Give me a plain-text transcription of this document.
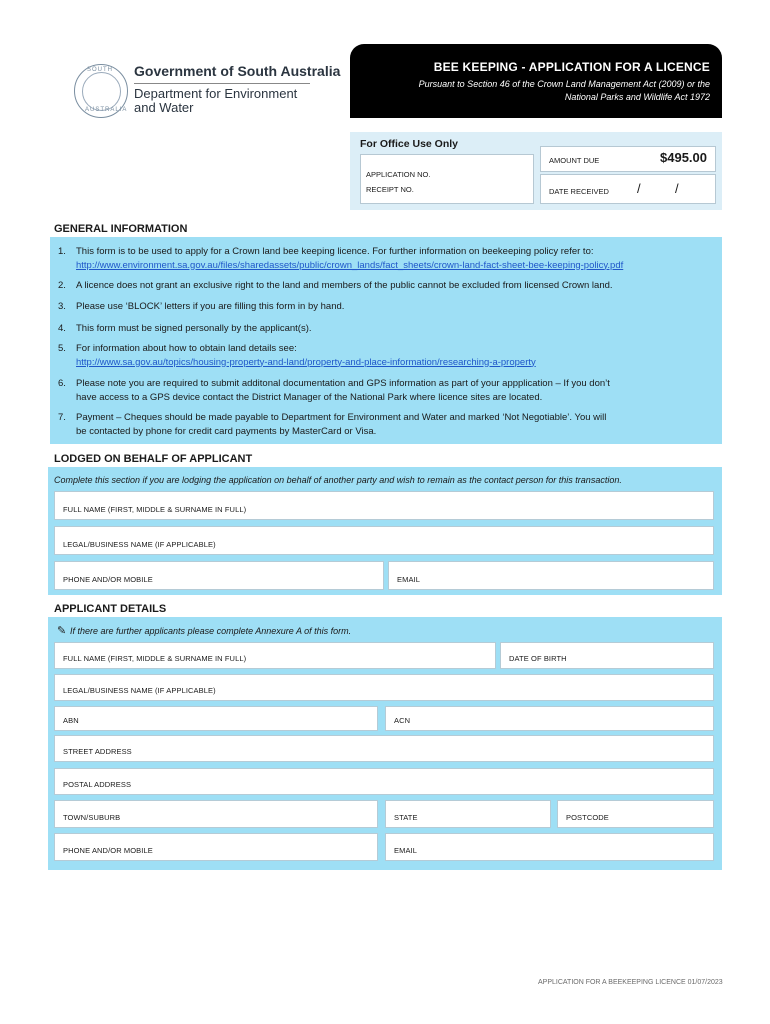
SOUTH
AUSTRALIA
Government of South Australia
Department for Environment
and Water
BEE KEEPING - APPLICATION FOR A LICENCE
Pursuant to Section 46 of the Crown Land Management Act (2009) or the
National Parks and Wildlife Act 1972
For Office Use Only
APPLICATION NO.
RECEIPT NO.
AMOUNT DUE	$495.00
DATE RECEIVED /	/
GENERAL INFORMATION
1. This form is to be used to apply for a Crown land bee keeping licence. For further information on beekeeping policy refer to:
http://www.environment.sa.gov.au/files/sharedassets/public/crown_lands/fact_sheets/crown-land-fact-sheet-bee-keeping-policy.pdf
2. A licence does not grant an exclusive right to the land and members of the public cannot be excluded from licensed Crown land.
3. Please use ‘BLOCK’ letters if you are filling this form in by hand.
4. This form must be signed personally by the applicant(s).
5. For information about how to obtain land details see:
http://www.sa.gov.au/topics/housing-property-and-land/property-and-place-information/researching-a-property
6. Please note you are required to submit additonal documentation and GPS information as part of your appplication – If you don’t
have access to a GPS device contact the District Manager of the National Park where licence sites are located.
7. Payment – Cheques should be made payable to Department for Environment and Water and marked ‘Not Negotiable’. You will
be contacted by phone for credit card payments by MasterCard or Visa.
LODGED ON BEHALF OF APPLICANT
Complete this section if you are lodging the application on behalf of another party and wish to remain as the contact person for this transaction.
FULL NAME (FIRST, MIDDLE & SURNAME IN FULL)
LEGAL/BUSINESS NAME (IF APPLICABLE)
PHONE AND/OR MOBILE	EMAIL
APPLICANT DETAILS
✎ If there are further applicants please complete Annexure A of this form.
FULL NAME (FIRST, MIDDLE & SURNAME IN FULL)	DATE OF BIRTH
LEGAL/BUSINESS NAME (IF APPLICABLE)
ABN	ACN
STREET ADDRESS
POSTAL ADDRESS
TOWN/SUBURB	STATE	POSTCODE
PHONE AND/OR MOBILE	EMAIL
APPLICATION FOR A BEEKEEPING LICENCE 01/07/2023
